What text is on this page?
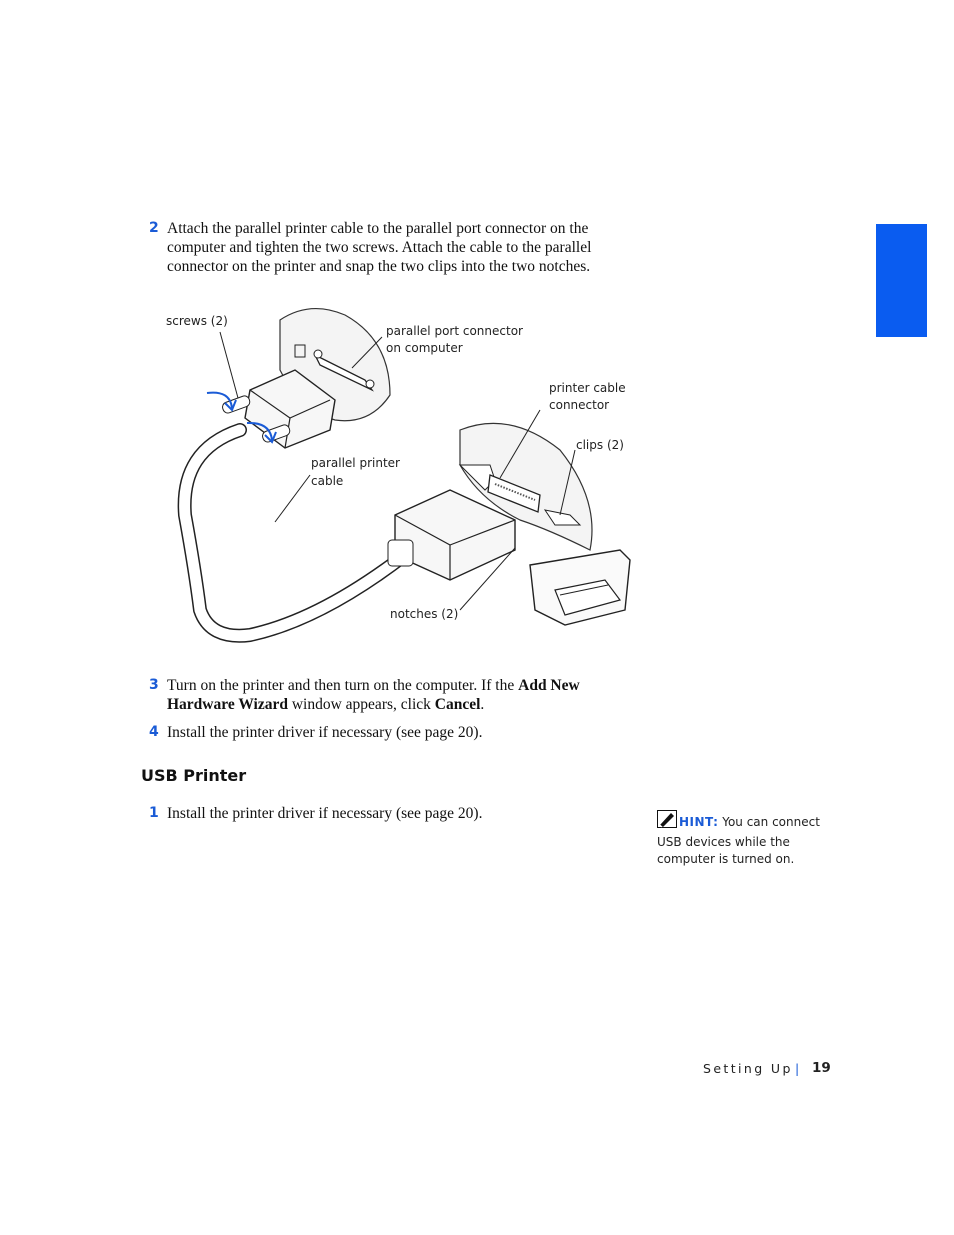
2 Attach the parallel printer cable to the parallel port connector on the computer and tighten the two screws. Attach the cable to the parallel connector on the printer and snap the two clips into the two notches.
screws (2)
parallel port connector
on computer
printer cable
connector
clips (2)
parallel printer
cable
notches (2)
3 Turn on the printer and then turn on the computer. If the Add New Hardware Wizard window appears, click Cancel.
4 Install the printer driver if necessary (see page 20).
USB Printer
1 Install the printer driver if necessary (see page 20).	HINT: You can connect USB devices while the computer is turned on.
Setting Up | 19
